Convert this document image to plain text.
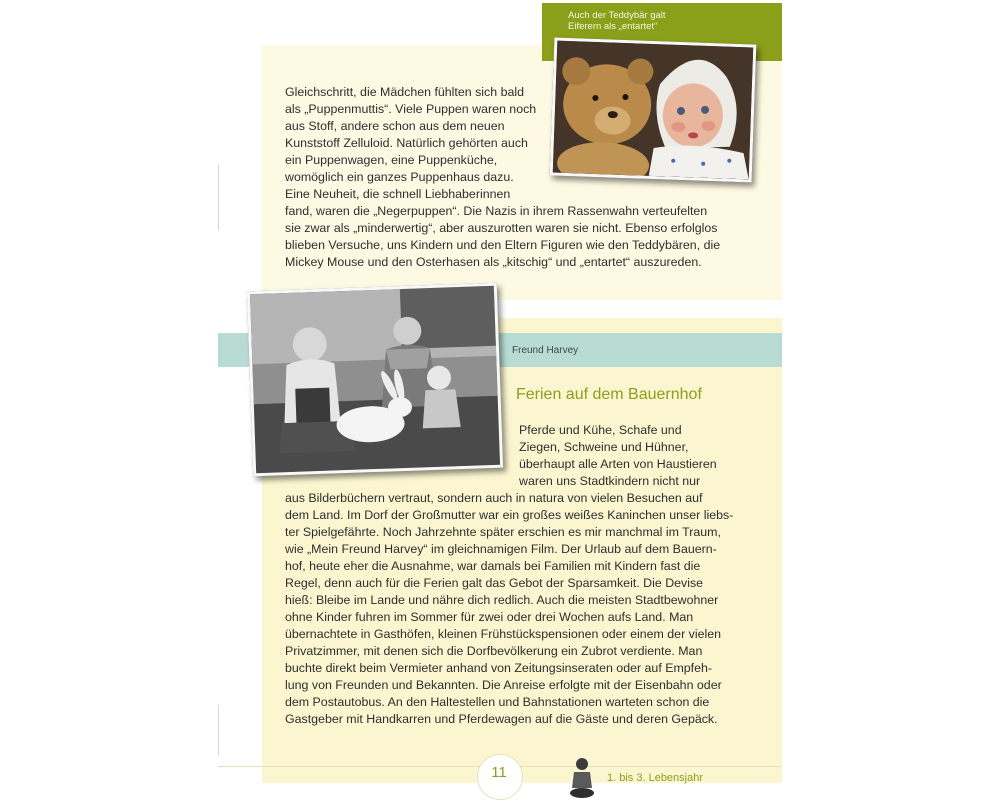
Auch der Teddybär galt
Eiferern als „entartet“
Freund Harvey
Gleichschritt, die Mädchen fühlten sich bald
als „Puppenmuttis“. Viele Puppen waren noch
aus Stoff, andere schon aus dem neuen
Kunststoff Zelluloid. Natürlich gehörten auch
ein Puppenwagen, eine Puppenküche,
womöglich ein ganzes Puppenhaus dazu.
Eine Neuheit, die schnell Liebhaberinnen
fand, waren die „Negerpuppen“. Die Nazis in ihrem Rassenwahn verteufelten
sie zwar als „minderwertig“, aber auszurotten waren sie nicht. Ebenso erfolglos
blieben Versuche, uns Kindern und den Eltern Figuren wie den Teddybären, die
Mickey Mouse und den Osterhasen als „kitschig“ und „entartet“ auszureden.
Ferien auf dem Bauernhof
Pferde und Kühe, Schafe und
Ziegen, Schweine und Hühner,
überhaupt alle Arten von Haustieren
waren uns Stadtkindern nicht nur
aus Bilderbüchern vertraut, sondern auch in natura von vielen Besuchen auf
dem Land. Im Dorf der Großmutter war ein großes weißes Kaninchen unser liebs-
ter Spielgefährte. Noch Jahrzehnte später erschien es mir manchmal im Traum,
wie „Mein Freund Harvey“ im gleichnamigen Film. Der Urlaub auf dem Bauern-
hof, heute eher die Ausnahme, war damals bei Familien mit Kindern fast die
Regel, denn auch für die Ferien galt das Gebot der Sparsamkeit. Die Devise
hieß: Bleibe im Lande und nähre dich redlich. Auch die meisten Stadtbewohner
ohne Kinder fuhren im Sommer für zwei oder drei Wochen aufs Land. Man
übernachtete in Gasthöfen, kleinen Frühstückspensionen oder einem der vielen
Privatzimmer, mit denen sich die Dorfbevölkerung ein Zubrot verdiente. Man
buchte direkt beim Vermieter anhand von Zeitungsinseraten oder auf Empfeh-
lung von Freunden und Bekannten. Die Anreise erfolgte mit der Eisenbahn oder
dem Postautobus. An den Haltestellen und Bahnstationen warteten schon die
Gastgeber mit Handkarren und Pferdewagen auf die Gäste und deren Gepäck.
11	1. bis 3. Lebensjahr
